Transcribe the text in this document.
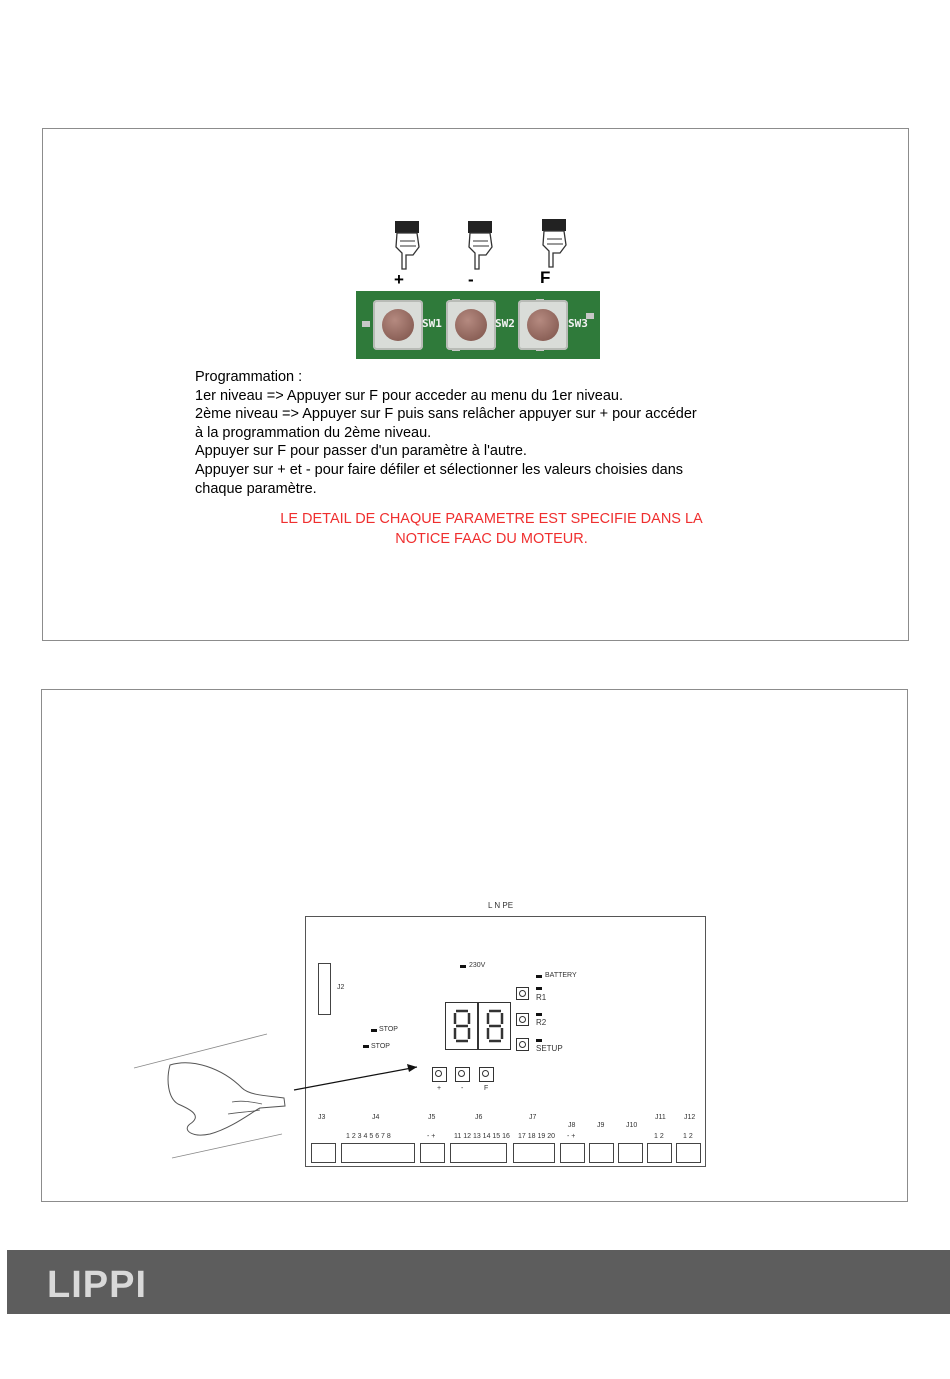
+	-	F
SW1	SW2	SW3
Programmation :
1er niveau => Appuyer sur F pour acceder au menu du 1er niveau.
2ème niveau => Appuyer sur F puis sans relâcher appuyer sur + pour accéder
à la programmation du 2ème niveau.
Appuyer sur F pour passer d'un paramètre à l'autre.
Appuyer sur + et - pour faire défiler et sélectionner les valeurs choisies dans
chaque paramètre.
LE DETAIL DE CHAQUE PARAMETRE EST SPECIFIE DANS LA
NOTICE FAAC DU MOTEUR.
L N PE
J2
230V
BATTERY
R1
R2
SETUP
STOP
STOP
+	-	F
J3	J4
1 2 3 4 5 6 7 8
J5
- +
J6
11 12 13 14 15 16
J7
17 18 19 20
J8
- +
J9	J10
J11
1 2
J12
1 2
LIPPI
